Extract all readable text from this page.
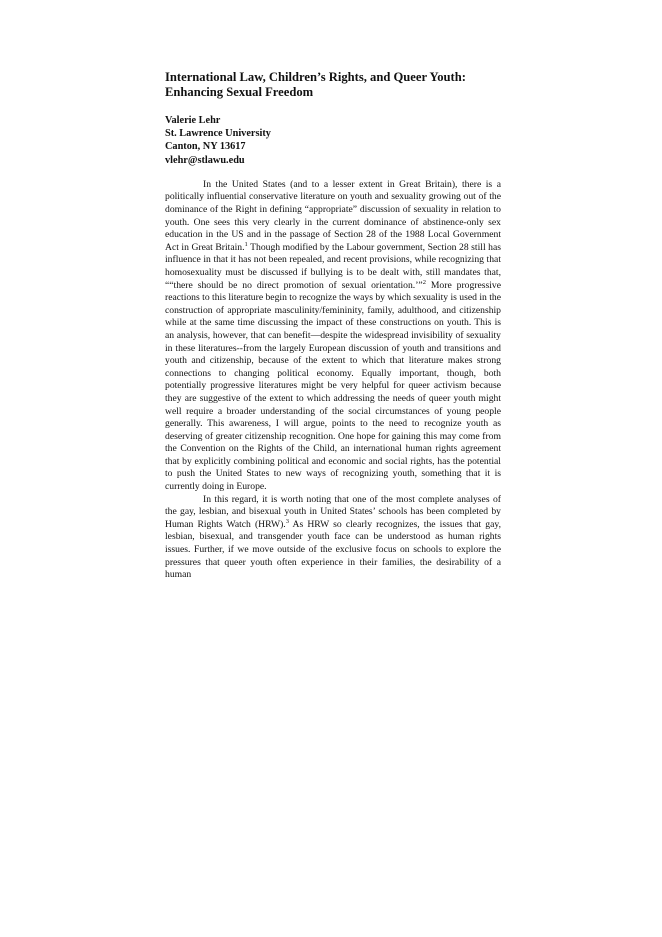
International Law, Children’s Rights, and Queer Youth:
Enhancing Sexual Freedom
Valerie Lehr
St. Lawrence University
Canton, NY 13617
vlehr@stlawu.edu

In the United States (and to a lesser extent in Great Britain), there is a politically influential conservative literature on youth and sexuality growing out of the dominance of the Right in defining “appropriate” discussion of sexuality in relation to youth. One sees this very clearly in the current dominance of abstinence-only sex education in the US and in the passage of Section 28 of the 1988 Local Government Act in Great Britain.$^1$ Though modified by the Labour government, Section 28 still has influence in that it has not been repealed, and recent provisions, while recognizing that homosexuality must be discussed if bullying is to be dealt with, still mandates that, ““there should be no direct promotion of sexual orientation.’”$^2$ More progressive reactions to this literature begin to recognize the ways by which sexuality is used in the construction of appropriate masculinity/femininity, family, adulthood, and citizenship while at the same time discussing the impact of these constructions on youth. This is an analysis, however, that can benefit—despite the widespread invisibility of sexuality in these literatures--from the largely European discussion of youth and transitions and youth and citizenship, because of the extent to which that literature makes strong connections to changing political economy. Equally important, though, both potentially progressive literatures might be very helpful for queer activism because they are suggestive of the extent to which addressing the needs of queer youth might well require a broader understanding of the social circumstances of young people generally. This awareness, I will argue, points to the need to recognize youth as deserving of greater citizenship recognition. One hope for gaining this may come from the Convention on the Rights of the Child, an international human rights agreement that by explicitly combining political and economic and social rights, has the potential to push the United States to new ways of recognizing youth, something that it is currently doing in Europe.

In this regard, it is worth noting that one of the most complete analyses of the gay, lesbian, and bisexual youth in United States’ schools has been completed by Human Rights Watch (HRW).$^3$ As HRW so clearly recognizes, the issues that gay, lesbian, bisexual, and transgender youth face can be understood as human rights issues. Further, if we move outside of the exclusive focus on schools to explore the pressures that queer youth often experience in their families, the desirability of a human
